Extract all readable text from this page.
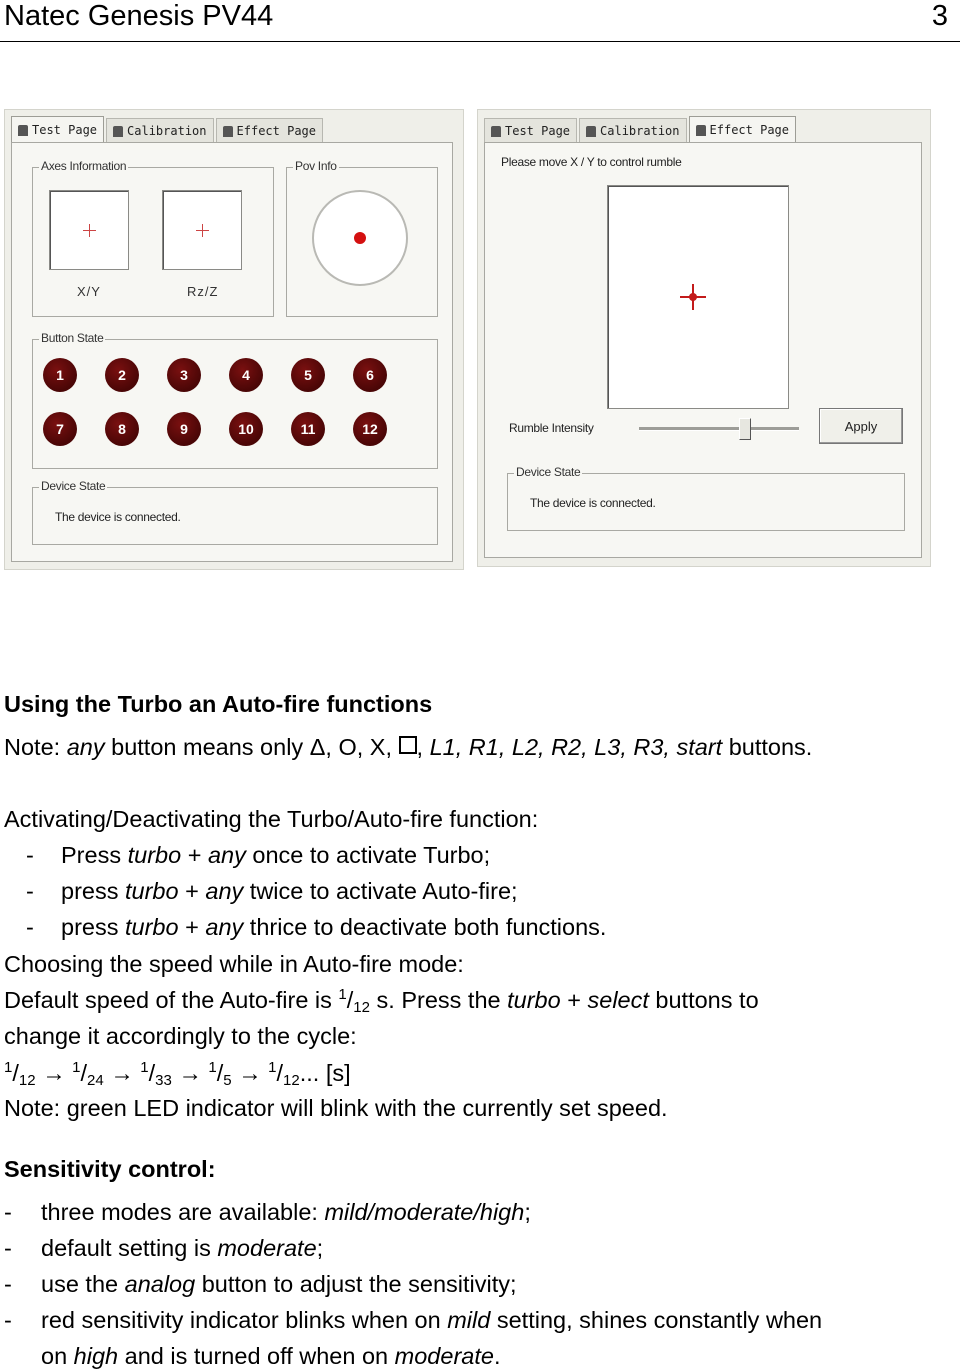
Natec Genesis PV44	3
Test Page	Calibration	Effect Page
Axes Information
X/Y	Rz/Z
Pov Info
Button State
1	2	3	4	5	6
7	8	9	10	11	12
Device State
The device is connected.
Test Page	Calibration	Effect Page
Please move X / Y to control rumble
Rumble Intensity	Apply
Device State
The device is connected.
Using the Turbo an Auto-fire functions
Note: any button means only Δ, O, X, , L1, R1, L2, R2, L3, R3, start buttons.
Activating/Deactivating the Turbo/Auto-fire function:
- Press turbo + any once to activate Turbo;
- press turbo + any twice to activate Auto-fire;
- press turbo + any thrice to deactivate both functions.
Choosing the speed while in Auto-fire mode:
Default speed of the Auto-fire is $^1/_{12}$ s. Press the turbo + select buttons to
change it accordingly to the cycle:
$^1/_{12} \to ^1/_{24} \to ^1/_{33} \to ^1/_5 \to ^1/_{12}$... [s]
Note: green LED indicator will blink with the currently set speed.
Sensitivity control:
- three modes are available: mild/moderate/high;
- default setting is moderate;
- use the analog button to adjust the sensitivity;
- red sensitivity indicator blinks when on mild setting, shines constantly when
on high and is turned off when on moderate.
